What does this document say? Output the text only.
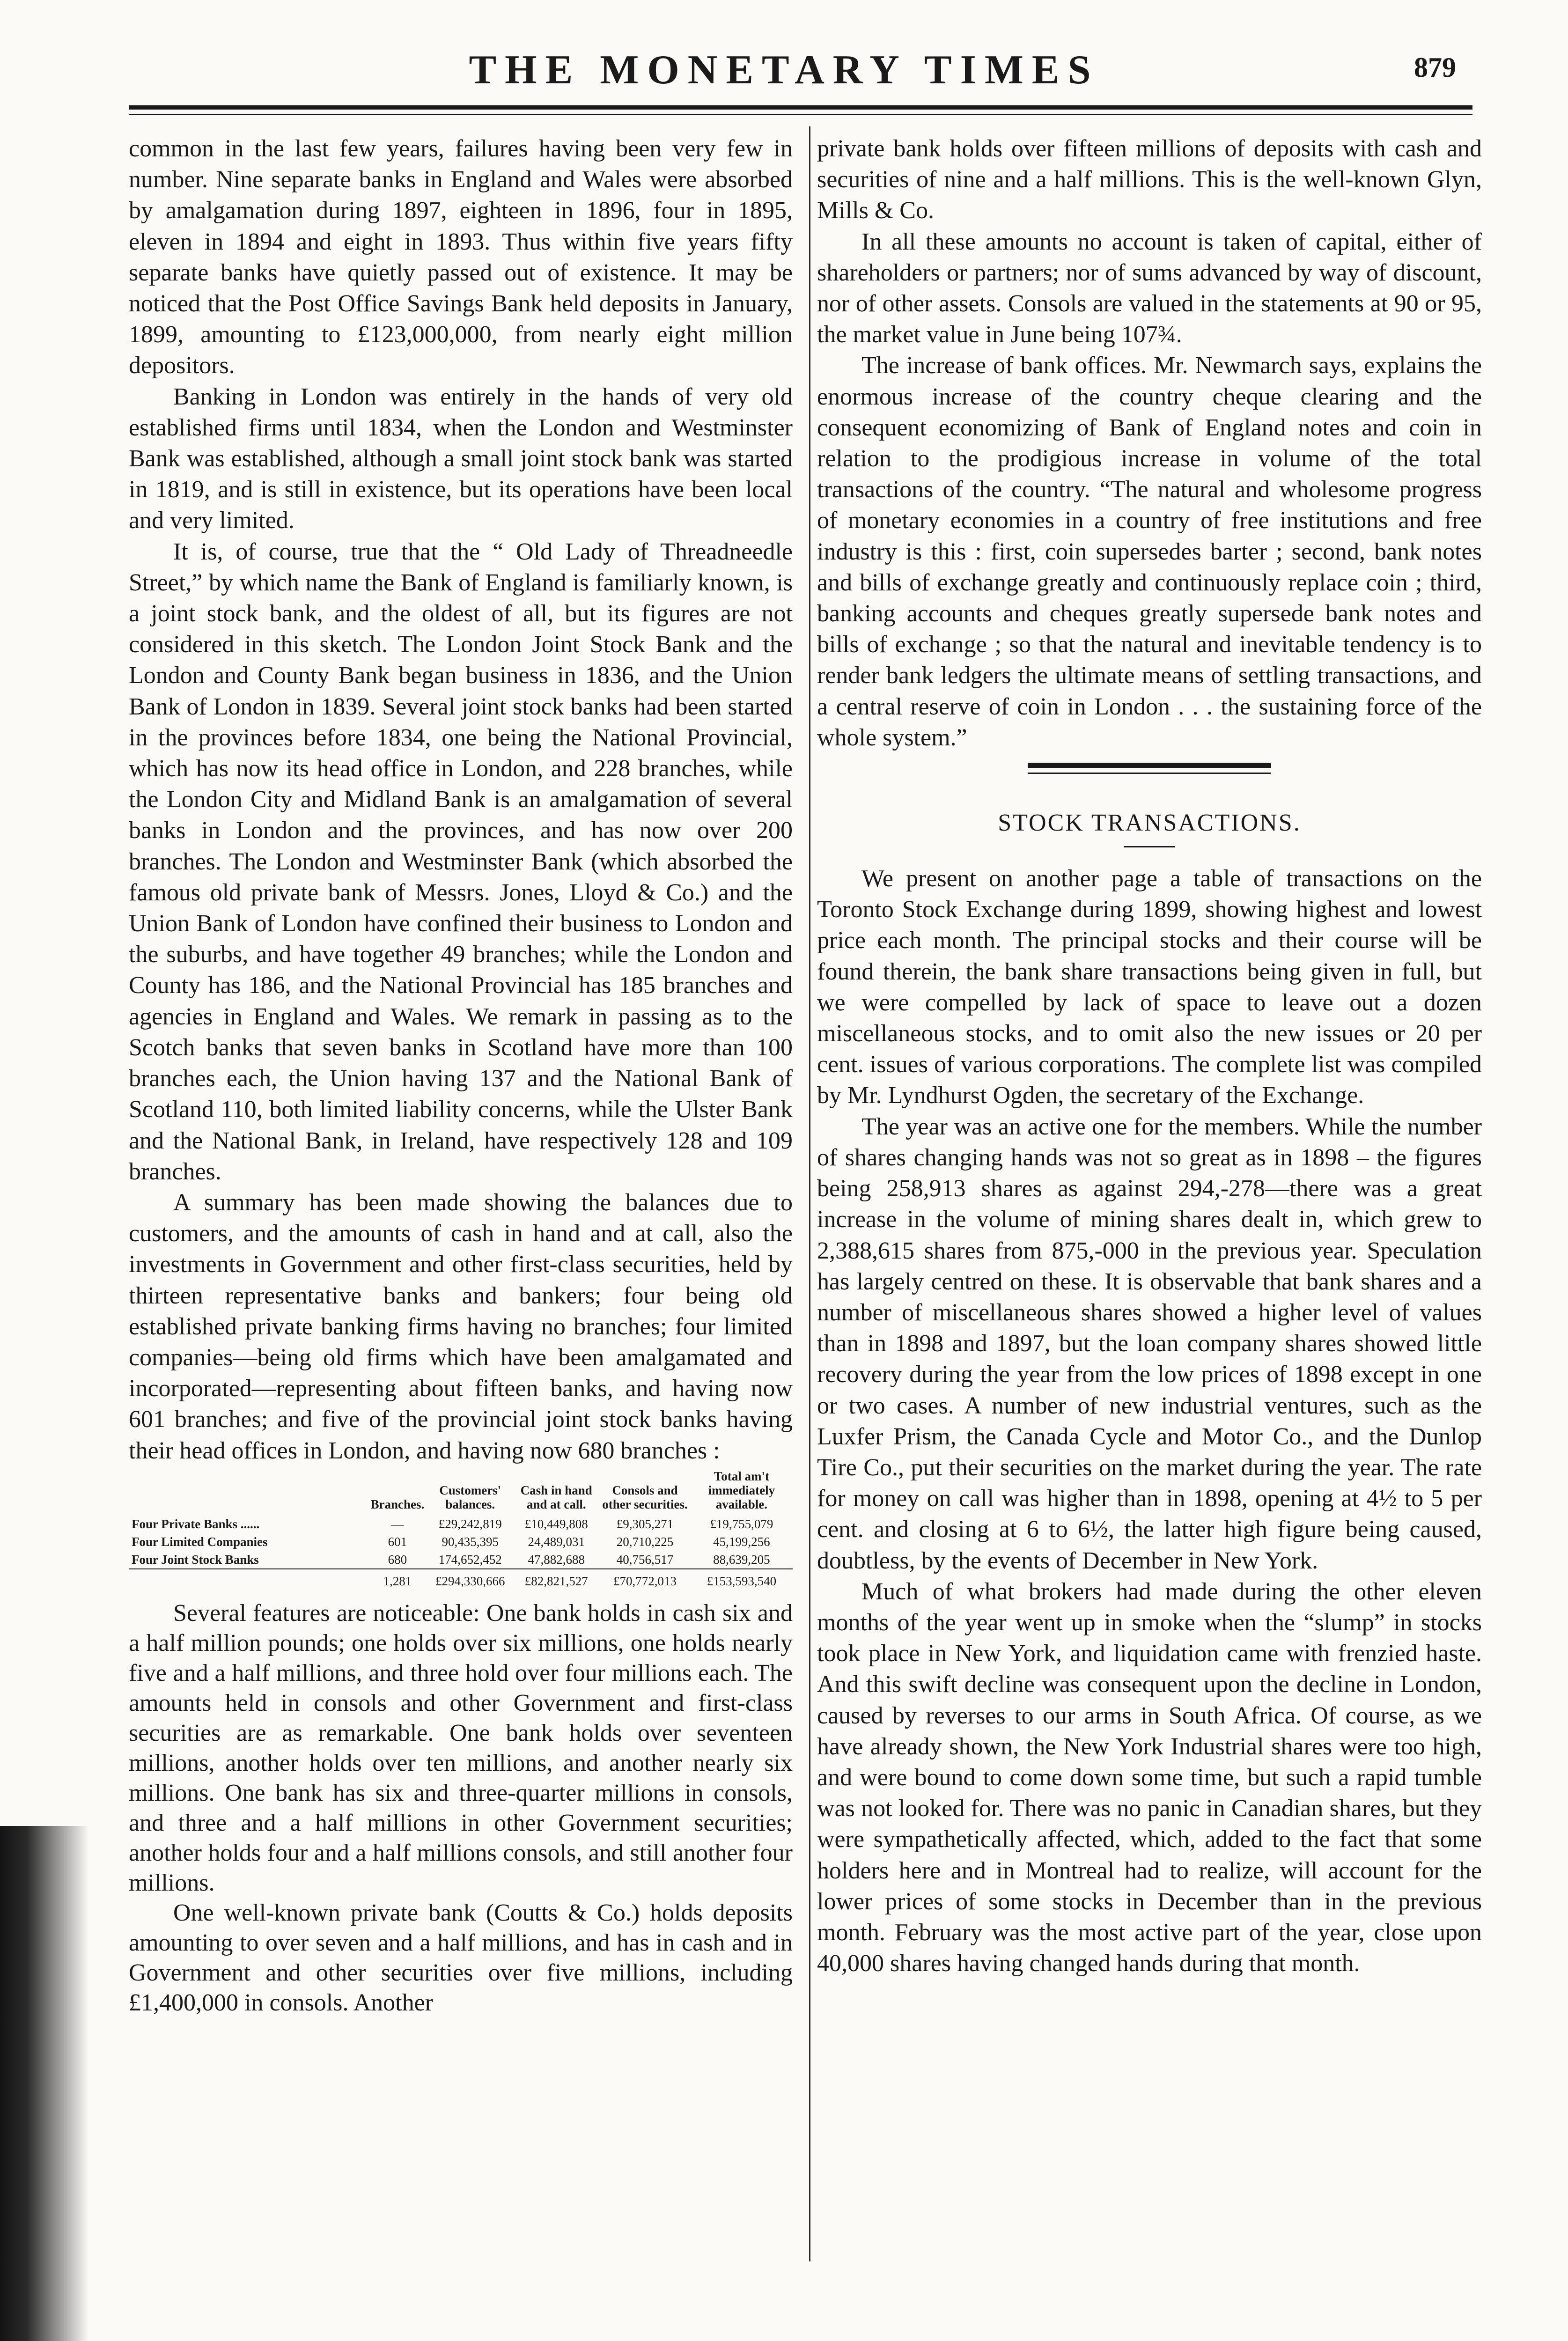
THE MONETARY TIMES	879

common in the last few years, failures having been very few in number. Nine separate banks in England and Wales were absorbed by amalgamation during 1897, eighteen in 1896, four in 1895, eleven in 1894 and eight in 1893. Thus within five years fifty separate banks have quietly passed out of existence. It may be noticed that the Post Office Savings Bank held deposits in January, 1899, amounting to £123,000,000, from nearly eight million depositors.

Banking in London was entirely in the hands of very old established firms until 1834, when the London and Westminster Bank was established, although a small joint stock bank was started in 1819, and is still in existence, but its operations have been local and very limited.

It is, of course, true that the “ Old Lady of Threadneedle Street,” by which name the Bank of England is familiarly known, is a joint stock bank, and the oldest of all, but its figures are not considered in this sketch. The London Joint Stock Bank and the London and County Bank began business in 1836, and the Union Bank of London in 1839. Several joint stock banks had been started in the provinces before 1834, one being the National Provincial, which has now its head office in London, and 228 branches, while the London City and Midland Bank is an amalgamation of several banks in London and the provinces, and has now over 200 branches. The London and Westminster Bank (which absorbed the famous old private bank of Messrs. Jones, Lloyd & Co.) and the Union Bank of London have confined their business to London and the suburbs, and have together 49 branches; while the London and County has 186, and the National Provincial has 185 branches and agencies in England and Wales. We remark in passing as to the Scotch banks that seven banks in Scotland have more than 100 branches each, the Union having 137 and the National Bank of Scotland 110, both limited liability concerns, while the Ulster Bank and the National Bank, in Ireland, have respectively 128 and 109 branches.

A summary has been made showing the balances due to customers, and the amounts of cash in hand and at call, also the investments in Government and other first-class securities, held by thirteen representative banks and bankers; four being old established private banking firms having no branches; four limited companies—being old firms which have been amalgamated and incorporated—representing about fifteen banks, and having now 601 branches; and five of the provincial joint stock banks having their head offices in London, and having now 680 branches :

	Branches.	Customers' balances.	Cash in hand and at call.	Consols and other securities.	Total am't immediately available.
Four Private Banks ......	—	£29,242,819	£10,449,808	£9,305,271	£19,755,079
Four Limited Companies	601	90,435,395	24,489,031	20,710,225	45,199,256
Four Joint Stock Banks	680	174,652,452	47,882,688	40,756,517	88,639,205
	1,281	£294,330,666	£82,821,527	£70,772,013	£153,593,540

Several features are noticeable: One bank holds in cash six and a half million pounds; one holds over six millions, one holds nearly five and a half millions, and three hold over four millions each. The amounts held in consols and other Government and first-class securities are as remarkable. One bank holds over seventeen millions, another holds over ten millions, and another nearly six millions. One bank has six and three-quarter millions in consols, and three and a half millions in other Government securities; another holds four and a half millions consols, and still another four millions.

One well-known private bank (Coutts & Co.) holds deposits amounting to over seven and a half millions, and has in cash and in Government and other securities over five millions, including £1,400,000 in consols. Another

private bank holds over fifteen millions of deposits with cash and securities of nine and a half millions. This is the well-known Glyn, Mills & Co.

In all these amounts no account is taken of capital, either of shareholders or partners; nor of sums advanced by way of discount, nor of other assets. Consols are valued in the statements at 90 or 95, the market value in June being 107¾.

The increase of bank offices. Mr. Newmarch says, explains the enormous increase of the country cheque clearing and the consequent economizing of Bank of England notes and coin in relation to the prodigious increase in volume of the total transactions of the country. “The natural and wholesome progress of monetary economies in a country of free institutions and free industry is this : first, coin supersedes barter ; second, bank notes and bills of exchange greatly and continuously replace coin ; third, banking accounts and cheques greatly supersede bank notes and bills of exchange ; so that the natural and inevitable tendency is to render bank ledgers the ultimate means of settling transactions, and a central reserve of coin in London . . . the sustaining force of the whole system.”

STOCK TRANSACTIONS.

We present on another page a table of transactions on the Toronto Stock Exchange during 1899, showing highest and lowest price each month. The principal stocks and their course will be found therein, the bank share transactions being given in full, but we were compelled by lack of space to leave out a dozen miscellaneous stocks, and to omit also the new issues or 20 per cent. issues of various corporations. The complete list was compiled by Mr. Lyndhurst Ogden, the secretary of the Exchange.

The year was an active one for the members. While the number of shares changing hands was not so great as in 1898 – the figures being 258,913 shares as against 294,-278—there was a great increase in the volume of mining shares dealt in, which grew to 2,388,615 shares from 875,-000 in the previous year. Speculation has largely centred on these. It is observable that bank shares and a number of miscellaneous shares showed a higher level of values than in 1898 and 1897, but the loan company shares showed little recovery during the year from the low prices of 1898 except in one or two cases. A number of new industrial ventures, such as the Luxfer Prism, the Canada Cycle and Motor Co., and the Dunlop Tire Co., put their securities on the market during the year. The rate for money on call was higher than in 1898, opening at 4½ to 5 per cent. and closing at 6 to 6½, the latter high figure being caused, doubtless, by the events of December in New York.

Much of what brokers had made during the other eleven months of the year went up in smoke when the “slump” in stocks took place in New York, and liquidation came with frenzied haste. And this swift decline was consequent upon the decline in London, caused by reverses to our arms in South Africa. Of course, as we have already shown, the New York Industrial shares were too high, and were bound to come down some time, but such a rapid tumble was not looked for. There was no panic in Canadian shares, but they were sympathetically affected, which, added to the fact that some holders here and in Montreal had to realize, will account for the lower prices of some stocks in December than in the previous month. February was the most active part of the year, close upon 40,000 shares having changed hands during that month.
